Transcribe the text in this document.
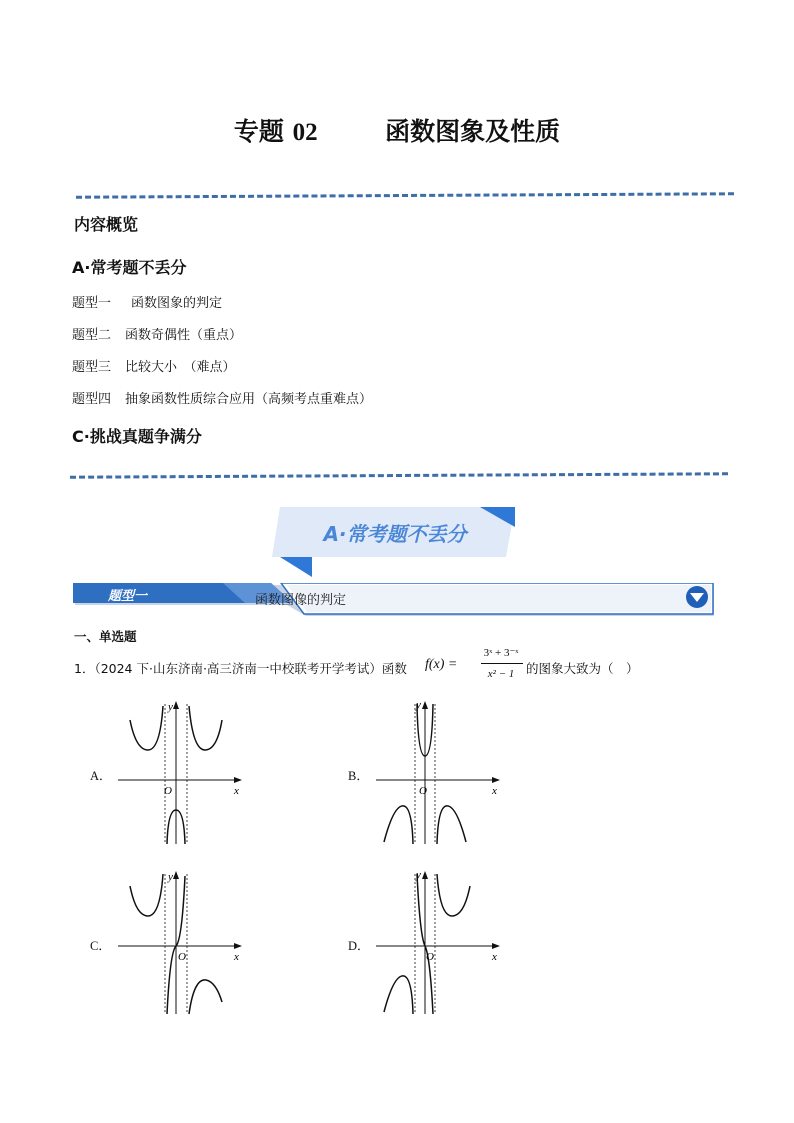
专题 02	函数图象及性质
内容概览
A·常考题不丢分
题型一 函数图象的判定
题型二 函数奇偶性（重点）
题型三 比较大小　（难点）
题型四 抽象函数性质综合应用（高频考点重难点）
C·挑战真题争满分
A·常考题不丢分
题型一	函数图像的判定
一、单选题
1．（2024 下·山东济南·高三济南一中校联考开学考试）函数 f(x) =
3ˣ + 3⁻ˣ
x² − 1 的图象大致为（　）
A．
y
x
O
B．
y
x
O
C．
y
x
O
D．
y
x
O
